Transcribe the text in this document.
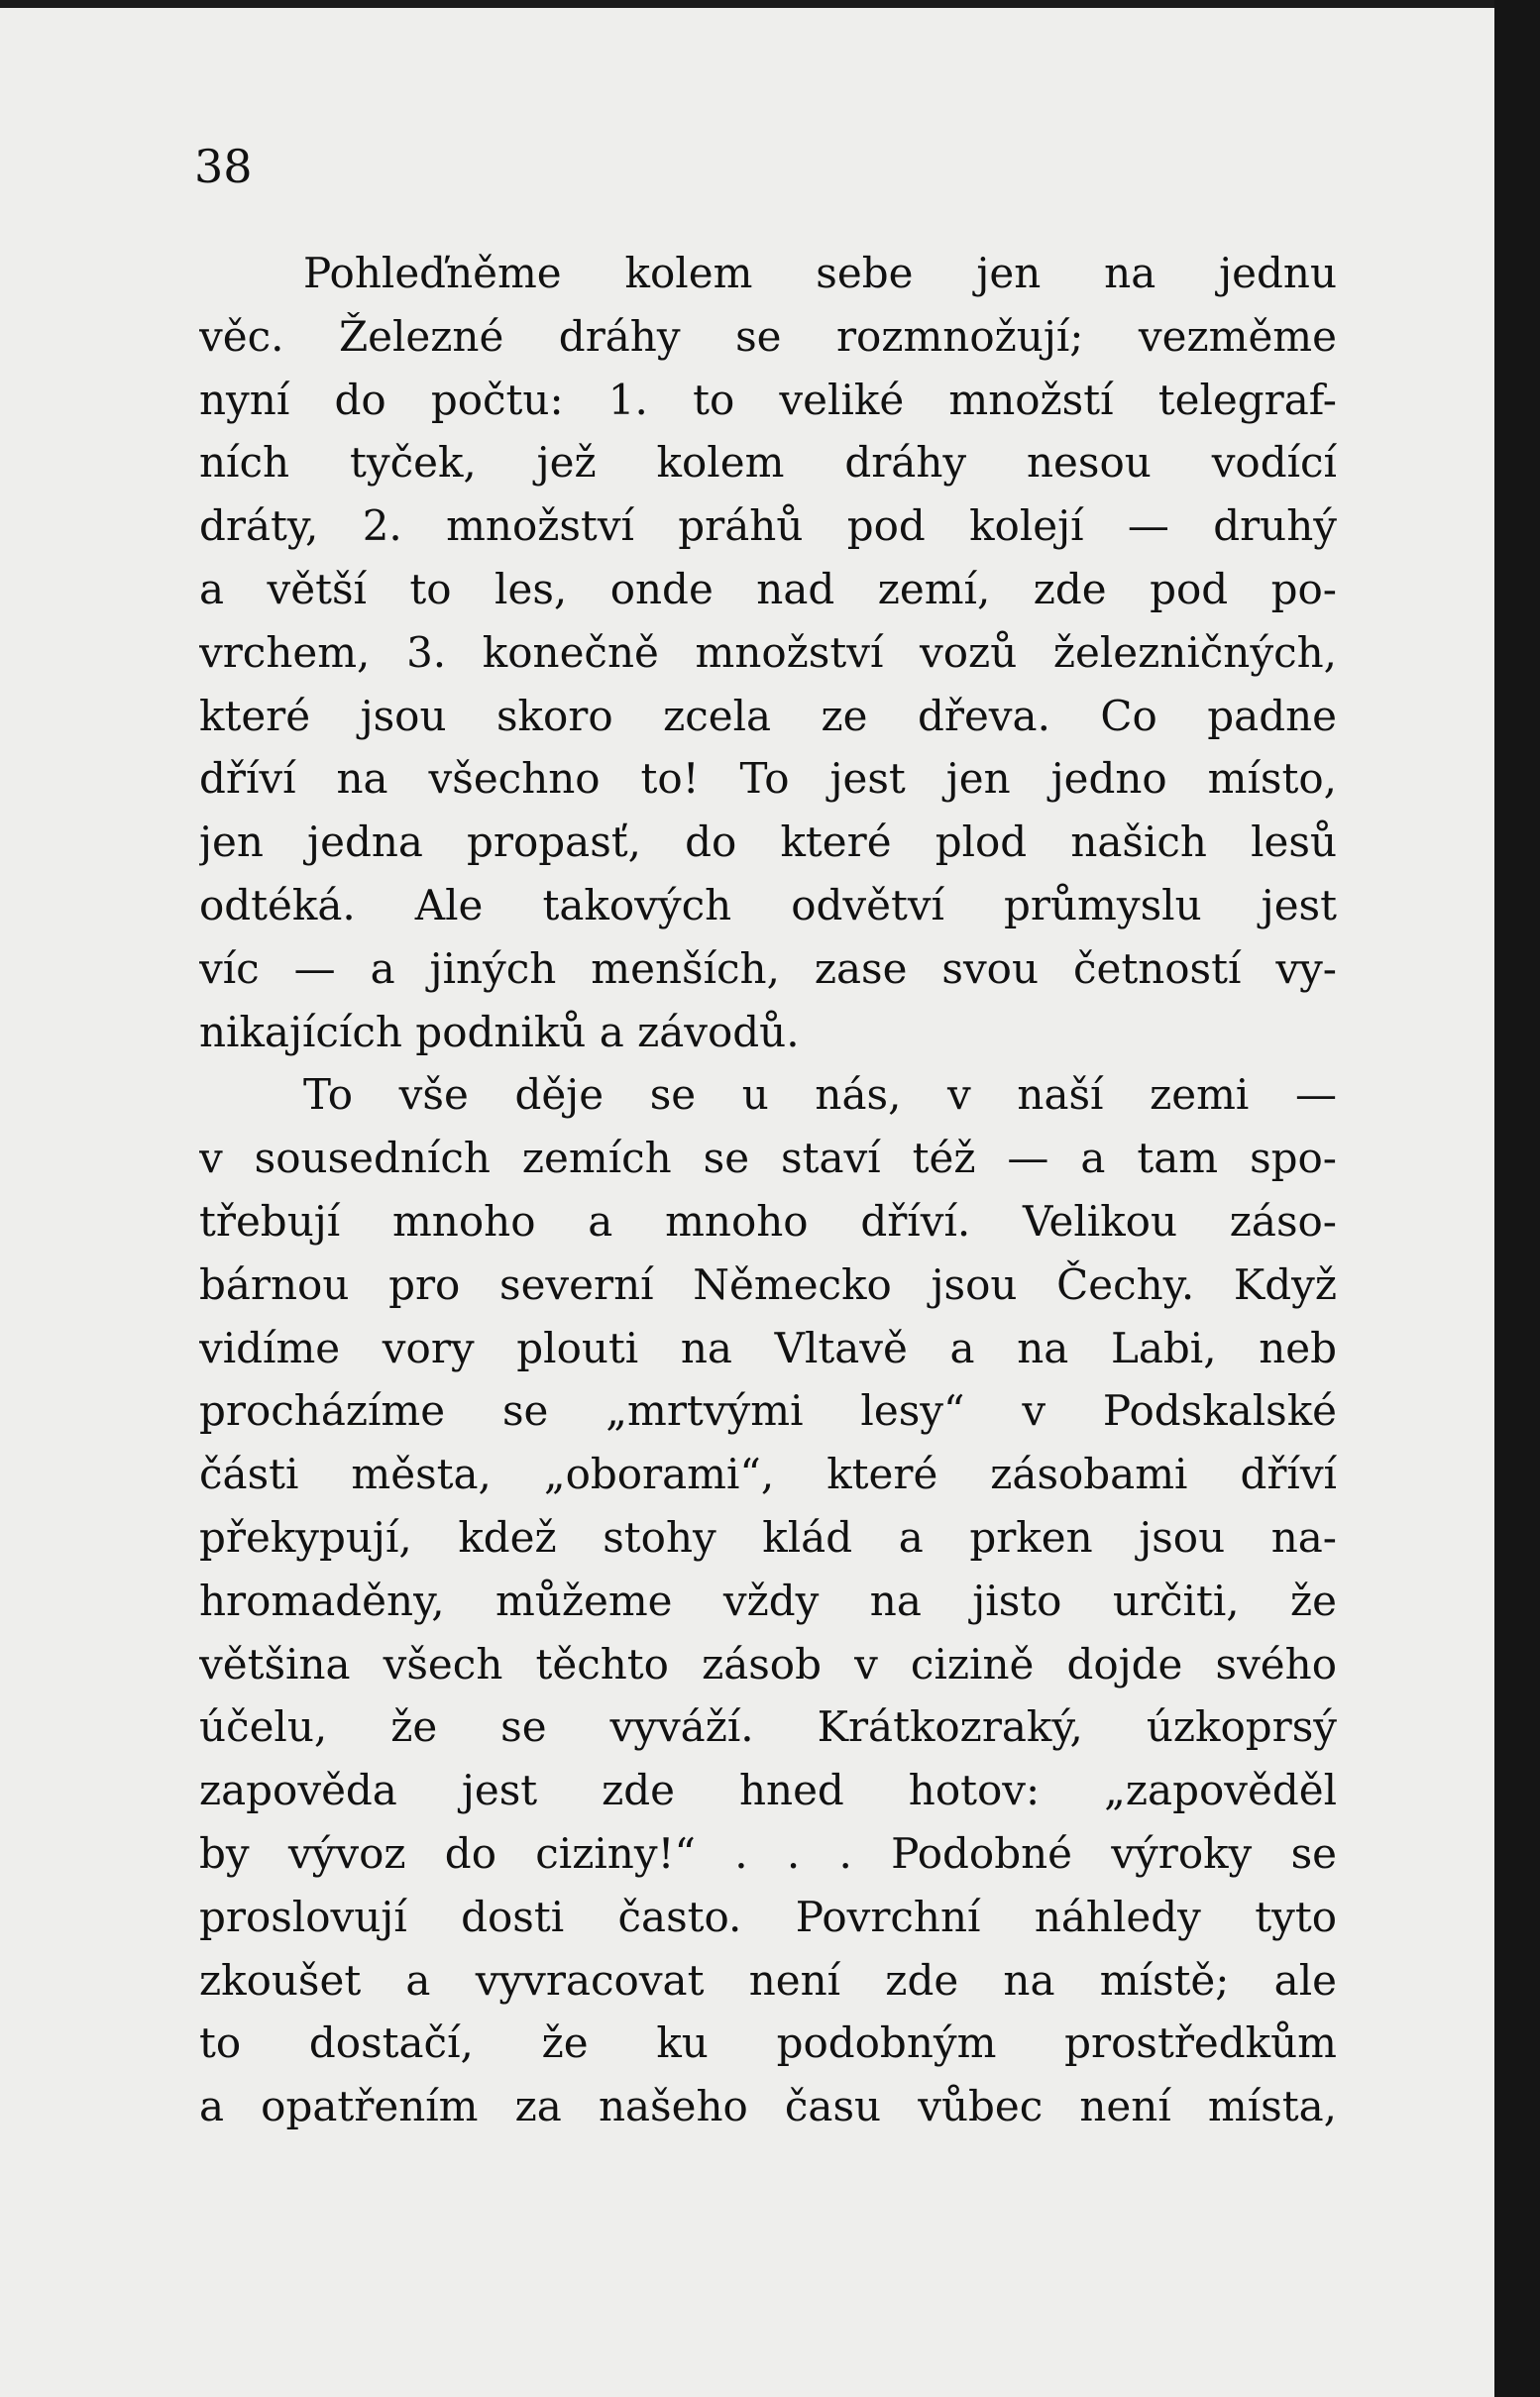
38

Pohleďněme kolem sebe jen na jednu
věc. Železné dráhy se rozmnožují; vezměme
nyní do počtu: 1. to veliké množstí telegraf-
ních tyček, jež kolem dráhy nesou vodící
dráty, 2. množství práhů pod kolejí — druhý
a větší to les, onde nad zemí, zde pod po-
vrchem, 3. konečně množství vozů železničných,
které jsou skoro zcela ze dřeva. Co padne
dříví na všechno to! To jest jen jedno místo,
jen jedna propasť, do které plod našich lesů
odtéká. Ale takových odvětví průmyslu jest
víc — a jiných menších, zase svou četností vy-
nikajících podniků a závodů.
To vše děje se u nás, v naší zemi —
v sousedních zemích se staví též — a tam spo-
třebují mnoho a mnoho dříví. Velikou záso-
bárnou pro severní Německo jsou Čechy. Když
vidíme vory plouti na Vltavě a na Labi, neb
procházíme se „mrtvými lesy“ v Podskalské
části města, „oborami“, které zásobami dříví
překypují, kdež stohy klád a prken jsou na-
hromaděny, můžeme vždy na jisto určiti, že
většina všech těchto zásob v cizině dojde svého
účelu, že se vyváží. Krátkozraký, úzkoprsý
zapověda jest zde hned hotov: „zapověděl
by vývoz do ciziny!“ . . . Podobné výroky se
proslovují dosti často. Povrchní náhledy tyto
zkoušet a vyvracovat není zde na místě; ale
to dostačí, že ku podobným prostředkům
a opatřením za našeho času vůbec není místa,
